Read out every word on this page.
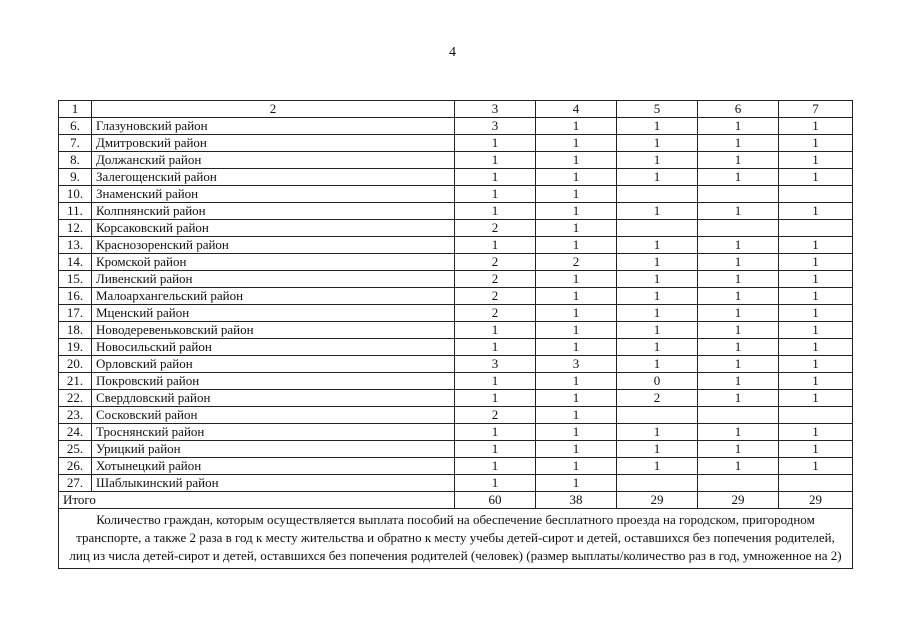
4
1	2	3	4	5	6	7
6.	Глазуновский район	3	1	1	1	1
7.	Дмитровский район	1	1	1	1	1
8.	Должанский район	1	1	1	1	1
9.	Залегощенский район	1	1	1	1	1
10.	Знаменский район	1	1			
11.	Колпнянский район	1	1	1	1	1
12.	Корсаковский район	2	1			
13.	Краснозоренский район	1	1	1	1	1
14.	Кромской район	2	2	1	1	1
15.	Ливенский район	2	1	1	1	1
16.	Малоархангельский район	2	1	1	1	1
17.	Мценский район	2	1	1	1	1
18.	Новодеревеньковский район	1	1	1	1	1
19.	Новосильский район	1	1	1	1	1
20.	Орловский район	3	3	1	1	1
21.	Покровский район	1	1	0	1	1
22.	Свердловский район	1	1	2	1	1
23.	Сосковский район	2	1			
24.	Троснянский район	1	1	1	1	1
25.	Урицкий район	1	1	1	1	1
26.	Хотынецкий район	1	1	1	1	1
27.	Шаблыкинский район	1	1			
Итого		60	38	29	29	29
Количество граждан, которым осуществляется выплата пособий на обеспечение бесплатного проезда на городском, пригородном транспорте, а также 2 раза в год к месту жительства и обратно к месту учебы детей-сирот и детей, оставшихся без попечения родителей, лиц из числа детей-сирот и детей, оставшихся без попечения родителей (человек) (размер выплаты/количество раз в год, умноженное на 2)						
